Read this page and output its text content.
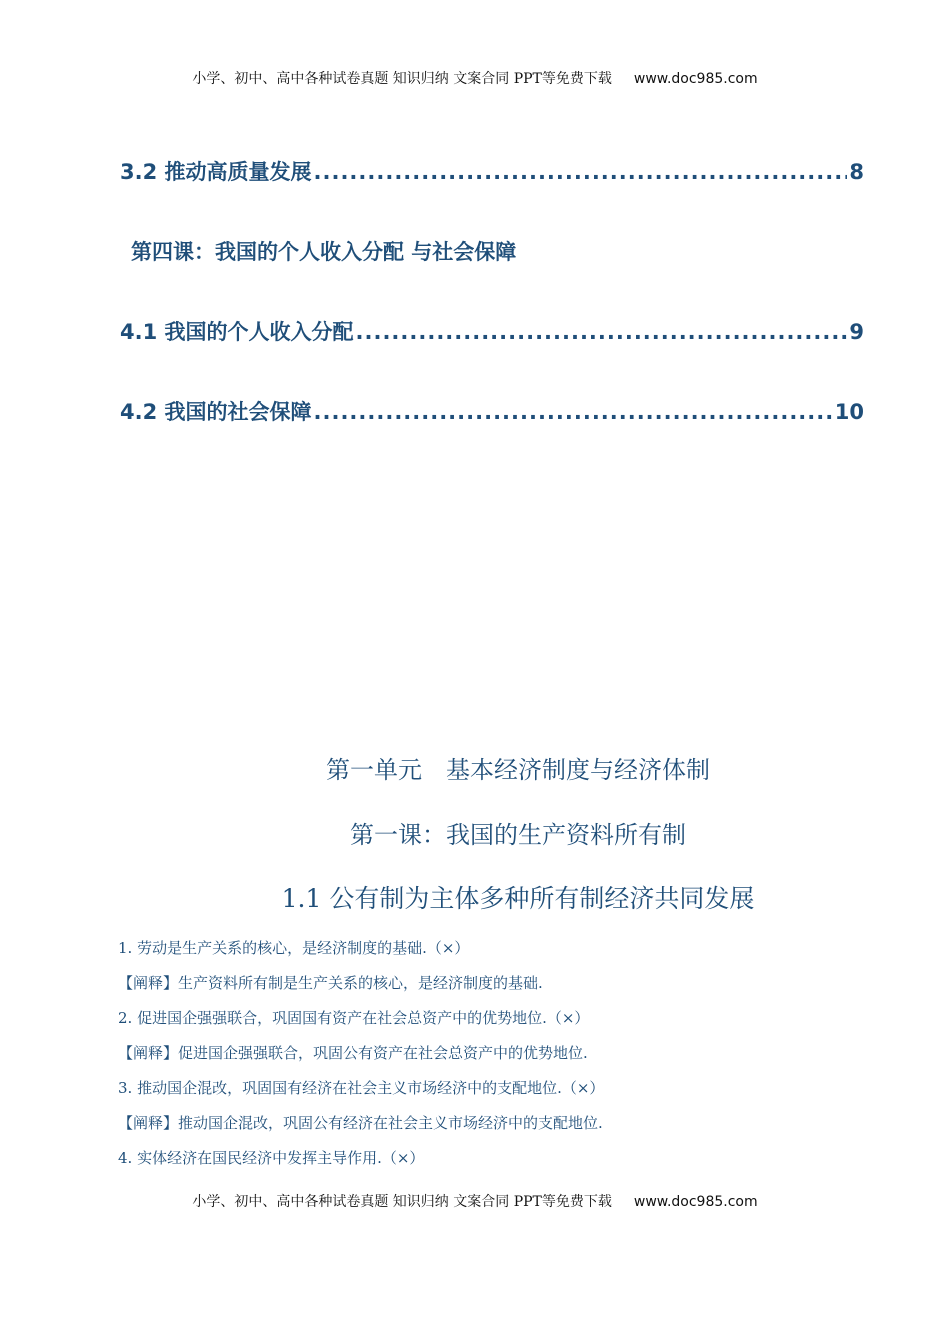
小学、初中、高中各种试卷真题 知识归纳 文案合同 PPT等免费下载 www.doc985.com
3.2 推动高质量发展 .....	8
第四课：我国的个人收入分配 与社会保障
4.1 我国的个人收入分配 .....	9
4.2 我国的社会保障 .....	10
第一单元　基本经济制度与经济体制
第一课：我国的生产资料所有制
1.1 公有制为主体多种所有制经济共同发展
1. 劳动是生产关系的核心，是经济制度的基础.（×）
【阐释】生产资料所有制是生产关系的核心，是经济制度的基础.
2. 促进国企强强联合，巩固国有资产在社会总资产中的优势地位.（×）
【阐释】促进国企强强联合，巩固公有资产在社会总资产中的优势地位.
3. 推动国企混改，巩固国有经济在社会主义市场经济中的支配地位.（×）
【阐释】推动国企混改，巩固公有经济在社会主义市场经济中的支配地位.
4. 实体经济在国民经济中发挥主导作用.（×）
小学、初中、高中各种试卷真题 知识归纳 文案合同 PPT等免费下载 www.doc985.com
